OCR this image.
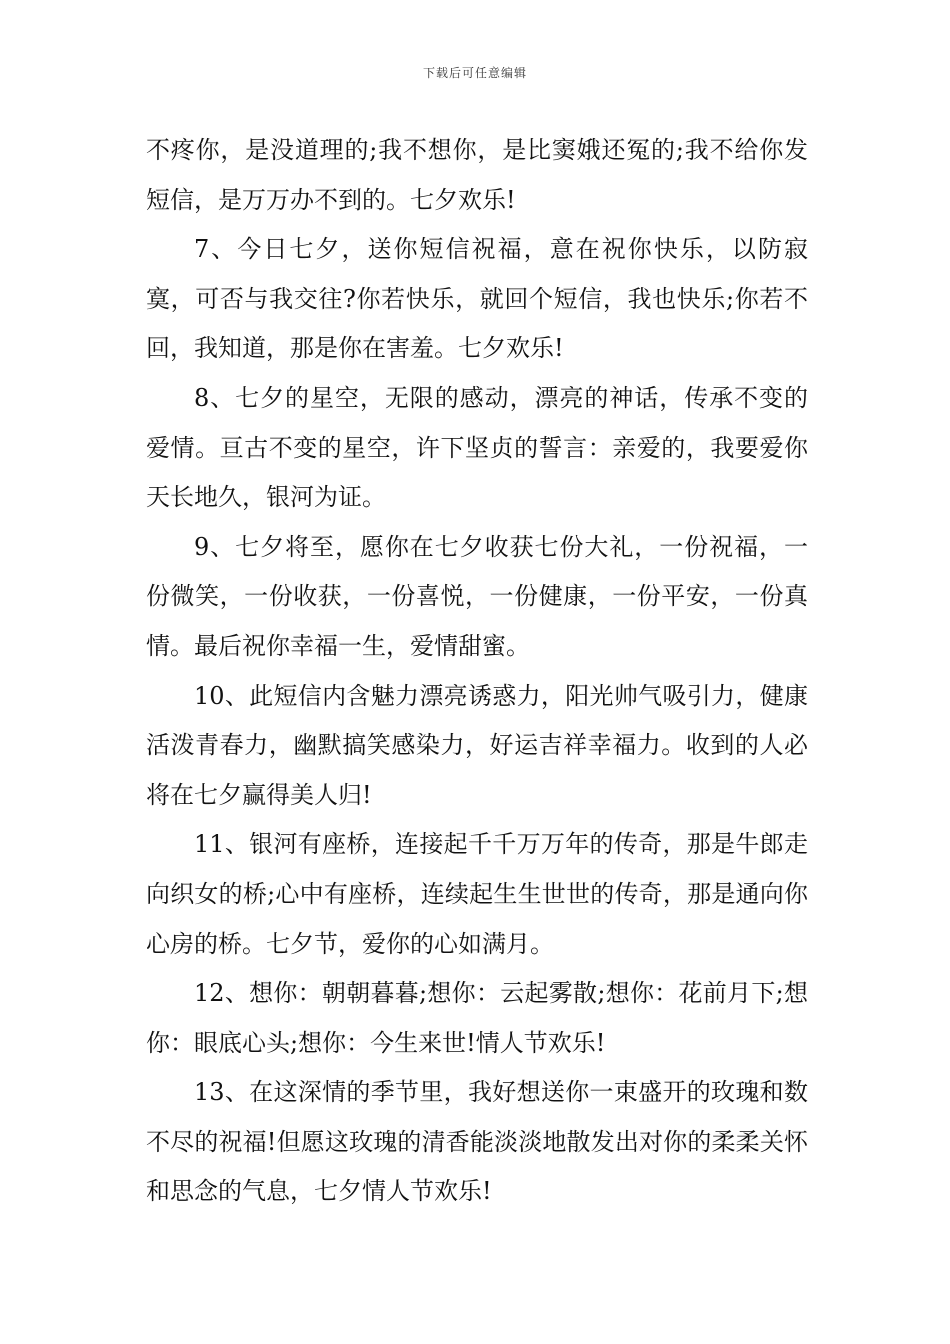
下载后可任意编辑

不疼你，是没道理的;我不想你，是比窦娥还冤的;我不给你发短信，是万万办不到的。七夕欢乐!

7、今日七夕，送你短信祝福，意在祝你快乐，以防寂寞，可否与我交往?你若快乐，就回个短信，我也快乐;你若不回，我知道，那是你在害羞。七夕欢乐!

8、七夕的星空，无限的感动，漂亮的神话，传承不变的爱情。亘古不变的星空，许下坚贞的誓言：亲爱的，我要爱你天长地久，银河为证。

9、七夕将至，愿你在七夕收获七份大礼，一份祝福，一份微笑，一份收获，一份喜悦，一份健康，一份平安，一份真情。最后祝你幸福一生，爱情甜蜜。

10、此短信内含魅力漂亮诱惑力，阳光帅气吸引力，健康活泼青春力，幽默搞笑感染力，好运吉祥幸福力。收到的人必将在七夕赢得美人归!

11、银河有座桥，连接起千千万万年的传奇，那是牛郎走向织女的桥;心中有座桥，连续起生生世世的传奇，那是通向你心房的桥。七夕节，爱你的心如满月。

12、想你：朝朝暮暮;想你：云起雾散;想你：花前月下;想你：眼底心头;想你：今生来世!情人节欢乐!

13、在这深情的季节里，我好想送你一束盛开的玫瑰和数不尽的祝福!但愿这玫瑰的清香能淡淡地散发出对你的柔柔关怀和思念的气息，七夕情人节欢乐!
